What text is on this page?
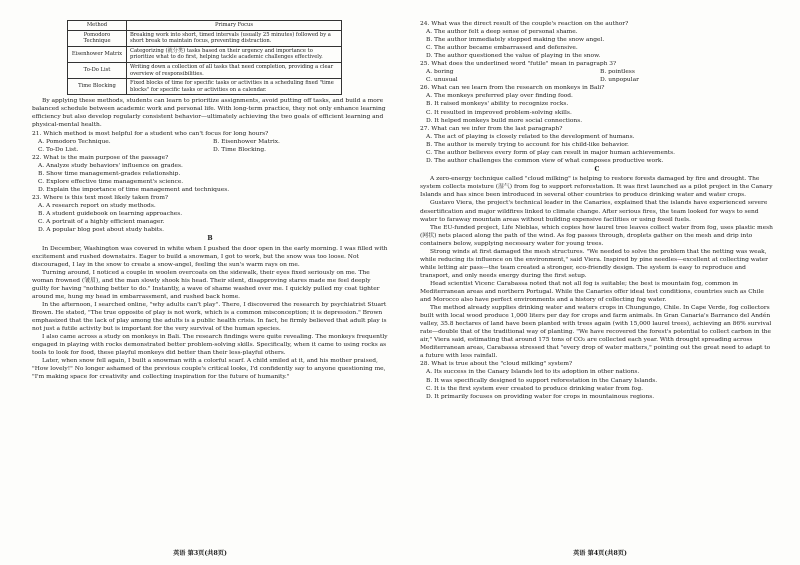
Method	Primary Focus
Pomodoro Technique	Breaking work into short, timed intervals (usually 25 minutes) followed by a short break to maintain focus, preventing distraction.
Eisenhower Matrix	Categorizing (就分类) tasks based on their urgency and importance to prioritize what to do first, helping tackle academic challenges effectively.
To-Do List	Writing down a collection of all tasks that need completion, providing a clear overview of responsibilities.
Time Blocking	Fixed blocks of time for specific tasks or activities in a scheduling fixed "time blocks" for specific tasks or activities on a calendar.

By applying these methods, students can learn to prioritize assignments, avoid putting off tasks, and build a more balanced schedule between academic work and personal life. With long-term practice, they not only enhance learning efficiency but also develop regularly consistent behavior—ultimately achieving the two goals of efficient learning and physical-mental health.

21. Which method is most helpful for a student who can't focus for long hours?
A. Pomodoro Technique.	B. Eisenhower Matrix.
C. To-Do List.	D. Time Blocking.
22. What is the main purpose of the passage?
A. Analyze study behaviors' influence on grades.
B. Show time management-grades relationship.
C. Explore effective time management's science.
D. Explain the importance of time management and techniques.
23. Where is this text most likely taken from?
A. A research report on study methods.
B. A student guidebook on learning approaches.
C. A portrait of a highly efficient manager.
D. A popular blog post about study habits.
B

In December, Washington was covered in white when I pushed the door open in the early morning. I was filled with excitement and rushed downstairs. Eager to build a snowman, I got to work, but the snow was too loose. Not discouraged, I lay in the snow to create a snow-angel, feeling the sun's warm rays on me.

Turning around, I noticed a couple in woolen overcoats on the sidewalk, their eyes fixed seriously on me. The woman frowned (皱眉), and the man slowly shook his head. Their silent, disapproving stares made me feel deeply guilty for having "nothing better to do." Instantly, a wave of shame washed over me. I quickly pulled my coat tighter around me, hung my head in embarrassment, and rushed back home.

In the afternoon, I searched online, "why adults can't play". There, I discovered the research by psychiatrist Stuart Brown. He stated, "The true opposite of play is not work, which is a common misconception; it is depression." Brown emphasized that the lack of play among the adults is a public health crisis. In fact, he firmly believed that adult play is not just a futile activity but is important for the very survival of the human species.

I also came across a study on monkeys in Bali. The research findings were quite revealing. The monkeys frequently engaged in playing with rocks demonstrated better problem-solving skills. Specifically, when it came to using rocks as tools to look for food, these playful monkeys did better than their less-playful others.

Later, when snow fell again, I built a snowman with a colorful scarf. A child smiled at it, and his mother praised, "How lovely!" No longer ashamed of the previous couple's critical looks, I'd confidently say to anyone questioning me, "I'm making space for creativity and collecting inspiration for the future of humanity."

英语 第3页(共8页)
24. What was the direct result of the couple's reaction on the author?
A. The author felt a deep sense of personal shame.
B. The author immediately stopped making the snow angel.
C. The author became embarrassed and defensive.
D. The author questioned the value of playing in the snow.
25. What does the underlined word "futile" mean in paragraph 3?
A. boring	B. pointless
C. unusual	D. unpopular
26. What can we learn from the research on monkeys in Bali?
A. The monkeys preferred play over finding food.
B. It raised monkeys' ability to recognize rocks.
C. It resulted in improved problem-solving skills.
D. It helped monkeys build more social connections.
27. What can we infer from the last paragraph?
A. The act of playing is closely related to the development of humans.
B. The author is merely trying to account for his child-like behavior.
C. The author believes every form of play can result in major human achievements.
D. The author challenges the common view of what composes productive work.
C

A zero-energy technique called "cloud milking" is helping to restore forests damaged by fire and drought. The system collects moisture (湿气) from fog to support reforestation. It was first launched as a pilot project in the Canary Islands and has since been introduced in several other countries to produce drinking water and water crops.

Gustavo Viera, the project's technical leader in the Canaries, explained that the islands have experienced severe desertification and major wildfires linked to climate change. After serious fires, the team looked for ways to send water to faraway mountain areas without building expensive facilities or using fossil fuels.

The EU-funded project, Life Nieblas, which copies how laurel tree leaves collect water from fog, uses plastic mesh (网状) nets placed along the path of the wind. As fog passes through, droplets gather on the mesh and drip into containers below, supplying necessary water for young trees.

Strong winds at first damaged the mesh structures. "We needed to solve the problem that the netting was weak, while reducing its influence on the environment," said Viera. Inspired by pine needles—excellent at collecting water while letting air pass—the team created a stronger, eco-friendly design. The system is easy to reproduce and transport, and only needs energy during the first setup.

Head scientist Vicenc Carabassa noted that not all fog is suitable; the best is mountain fog, common in Mediterranean areas and northern Portugal. While the Canaries offer ideal test conditions, countries such as Chile and Morocco also have perfect environments and a history of collecting fog water.

The method already supplies drinking water and waters crops in Chungungo, Chile. In Cape Verde, fog collectors built with local wood produce 1,000 liters per day for crops and farm animals. In Gran Canaria's Barranco del Andén valley, 35.8 hectares of land have been planted with trees again (with 15,000 laurel trees), achieving an 86% survival rate—double that of the traditional way of planting. "We have recovered the forest's potential to collect carbon in the air," Viera said, estimating that around 175 tons of CO₂ are collected each year. With drought spreading across Mediterranean areas, Carabassa stressed that "every drop of water matters," pointing out the great need to adapt to a future with less rainfall.

28. What is true about the "cloud milking" system?
A. Its success in the Canary Islands led to its adoption in other nations.
B. It was specifically designed to support reforestation in the Canary Islands.
C. It is the first system ever created to produce drinking water from fog.
D. It primarily focuses on providing water for crops in mountainous regions.
英语 第4页(共8页)
